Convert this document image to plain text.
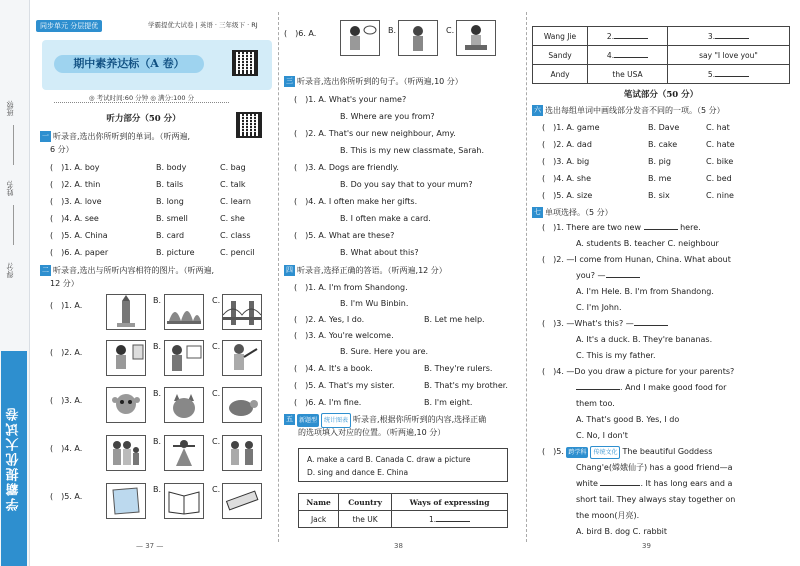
班级:
姓名:
得分:
学霸提优大试卷
同步单元 分层提优	学霸提优大试卷 | 英语 · 三年级下 · RJ
期中素养达标（A 卷）
◎ 考试时间:60 分钟 ◎ 满分:100 分
听力部分（50 分）
一 听录音,选出你所听到的单词。（听两遍,
6 分）
(　)1. A. boy	B. body	C. bag
(　)2. A. thin	B. tails	C. talk
(　)3. A. love	B. long	C. learn
(　)4. A. see	B. smell	C. she
(　)5. A. China	B. card	C. class
(　)6. A. paper	B. picture	C. pencil
二 听录音,选出与所听内容相符的图片。（听两遍,
12 分）
(　)1. A.
B.	C.
(　)2. A.
B.	C.
(　)3. A.
B.	C.
(　)4. A.
B.	C.
(　)5. A.
B.	C.
— 37 —
(　)6. A.	B.	C.
三 听录音,选出你所听到的句子。（听两遍,10 分）
(　)1. A. What's your name?
B. Where are you from?
(　)2. A. That's our new neighbour, Amy.
B. This is my new classmate, Sarah.
(　)3. A. Dogs are friendly.
B. Do you say that to your mum?
(　)4. A. I often make her gifts.
B. I often make a card.
(　)5. A. What are these?
B. What about this?
四 听录音,选择正确的答语。（听两遍,12 分）
(　)1. A. I'm from Shandong.
B. I'm Wu Binbin.
(　)2. A. Yes, I do.	B. Let me help.
(　)3. A. You're welcome.
B. Sure. Here you are.
(　)4. A. It's a book.	B. They're rulers.
(　)5. A. That's my sister.	B. That's my brother.
(　)6. A. I'm fine.	B. I'm eight.
五 新题型 统计图表 听录音,根据你所听到的内容,选择正确
的选项填入对应的位置。（听两遍,10 分）
A. make a card B. Canada C. draw a picture
D. sing and dance E. China
Name	Country	Ways of expressing
Jack	the UK	1.
38
Wang Jie	2.	3.
Sandy	4.	say "I love you"
Andy	the USA	5.
笔试部分（50 分）
六 选出每组单词中画线部分发音不同的一项。（5 分）
(　)1. A. game	B. Dave	C. hat
(　)2. A. dad	B. cake	C. hate
(　)3. A. big	B. pig	C. bike
(　)4. A. she	B. me	C. bed
(　)5. A. size	B. six	C. nine
七 单项选择。（5 分）
(　)1. There are two new	here.
A. students B. teacher C. neighbour
(　)2. —I come from Hunan, China. What about
you? —
A. I'm Hele. B. I'm from Shandong.
C. I'm John.
(　)3. —What's this? —
A. It's a duck. B. They're bananas.
C. This is my father.
(　)4. —Do you draw a picture for your parents?
. And I make good food for
them too.
A. That's good B. Yes, I do
C. No, I don't
(　)5. 跨学科 传统文化 The beautiful Goddess
Chang'e(嫦娥仙子) has a good friend—a
white	. It has long ears and a
short tail. They always stay together on
the moon(月亮).
A. bird B. dog C. rabbit
39
